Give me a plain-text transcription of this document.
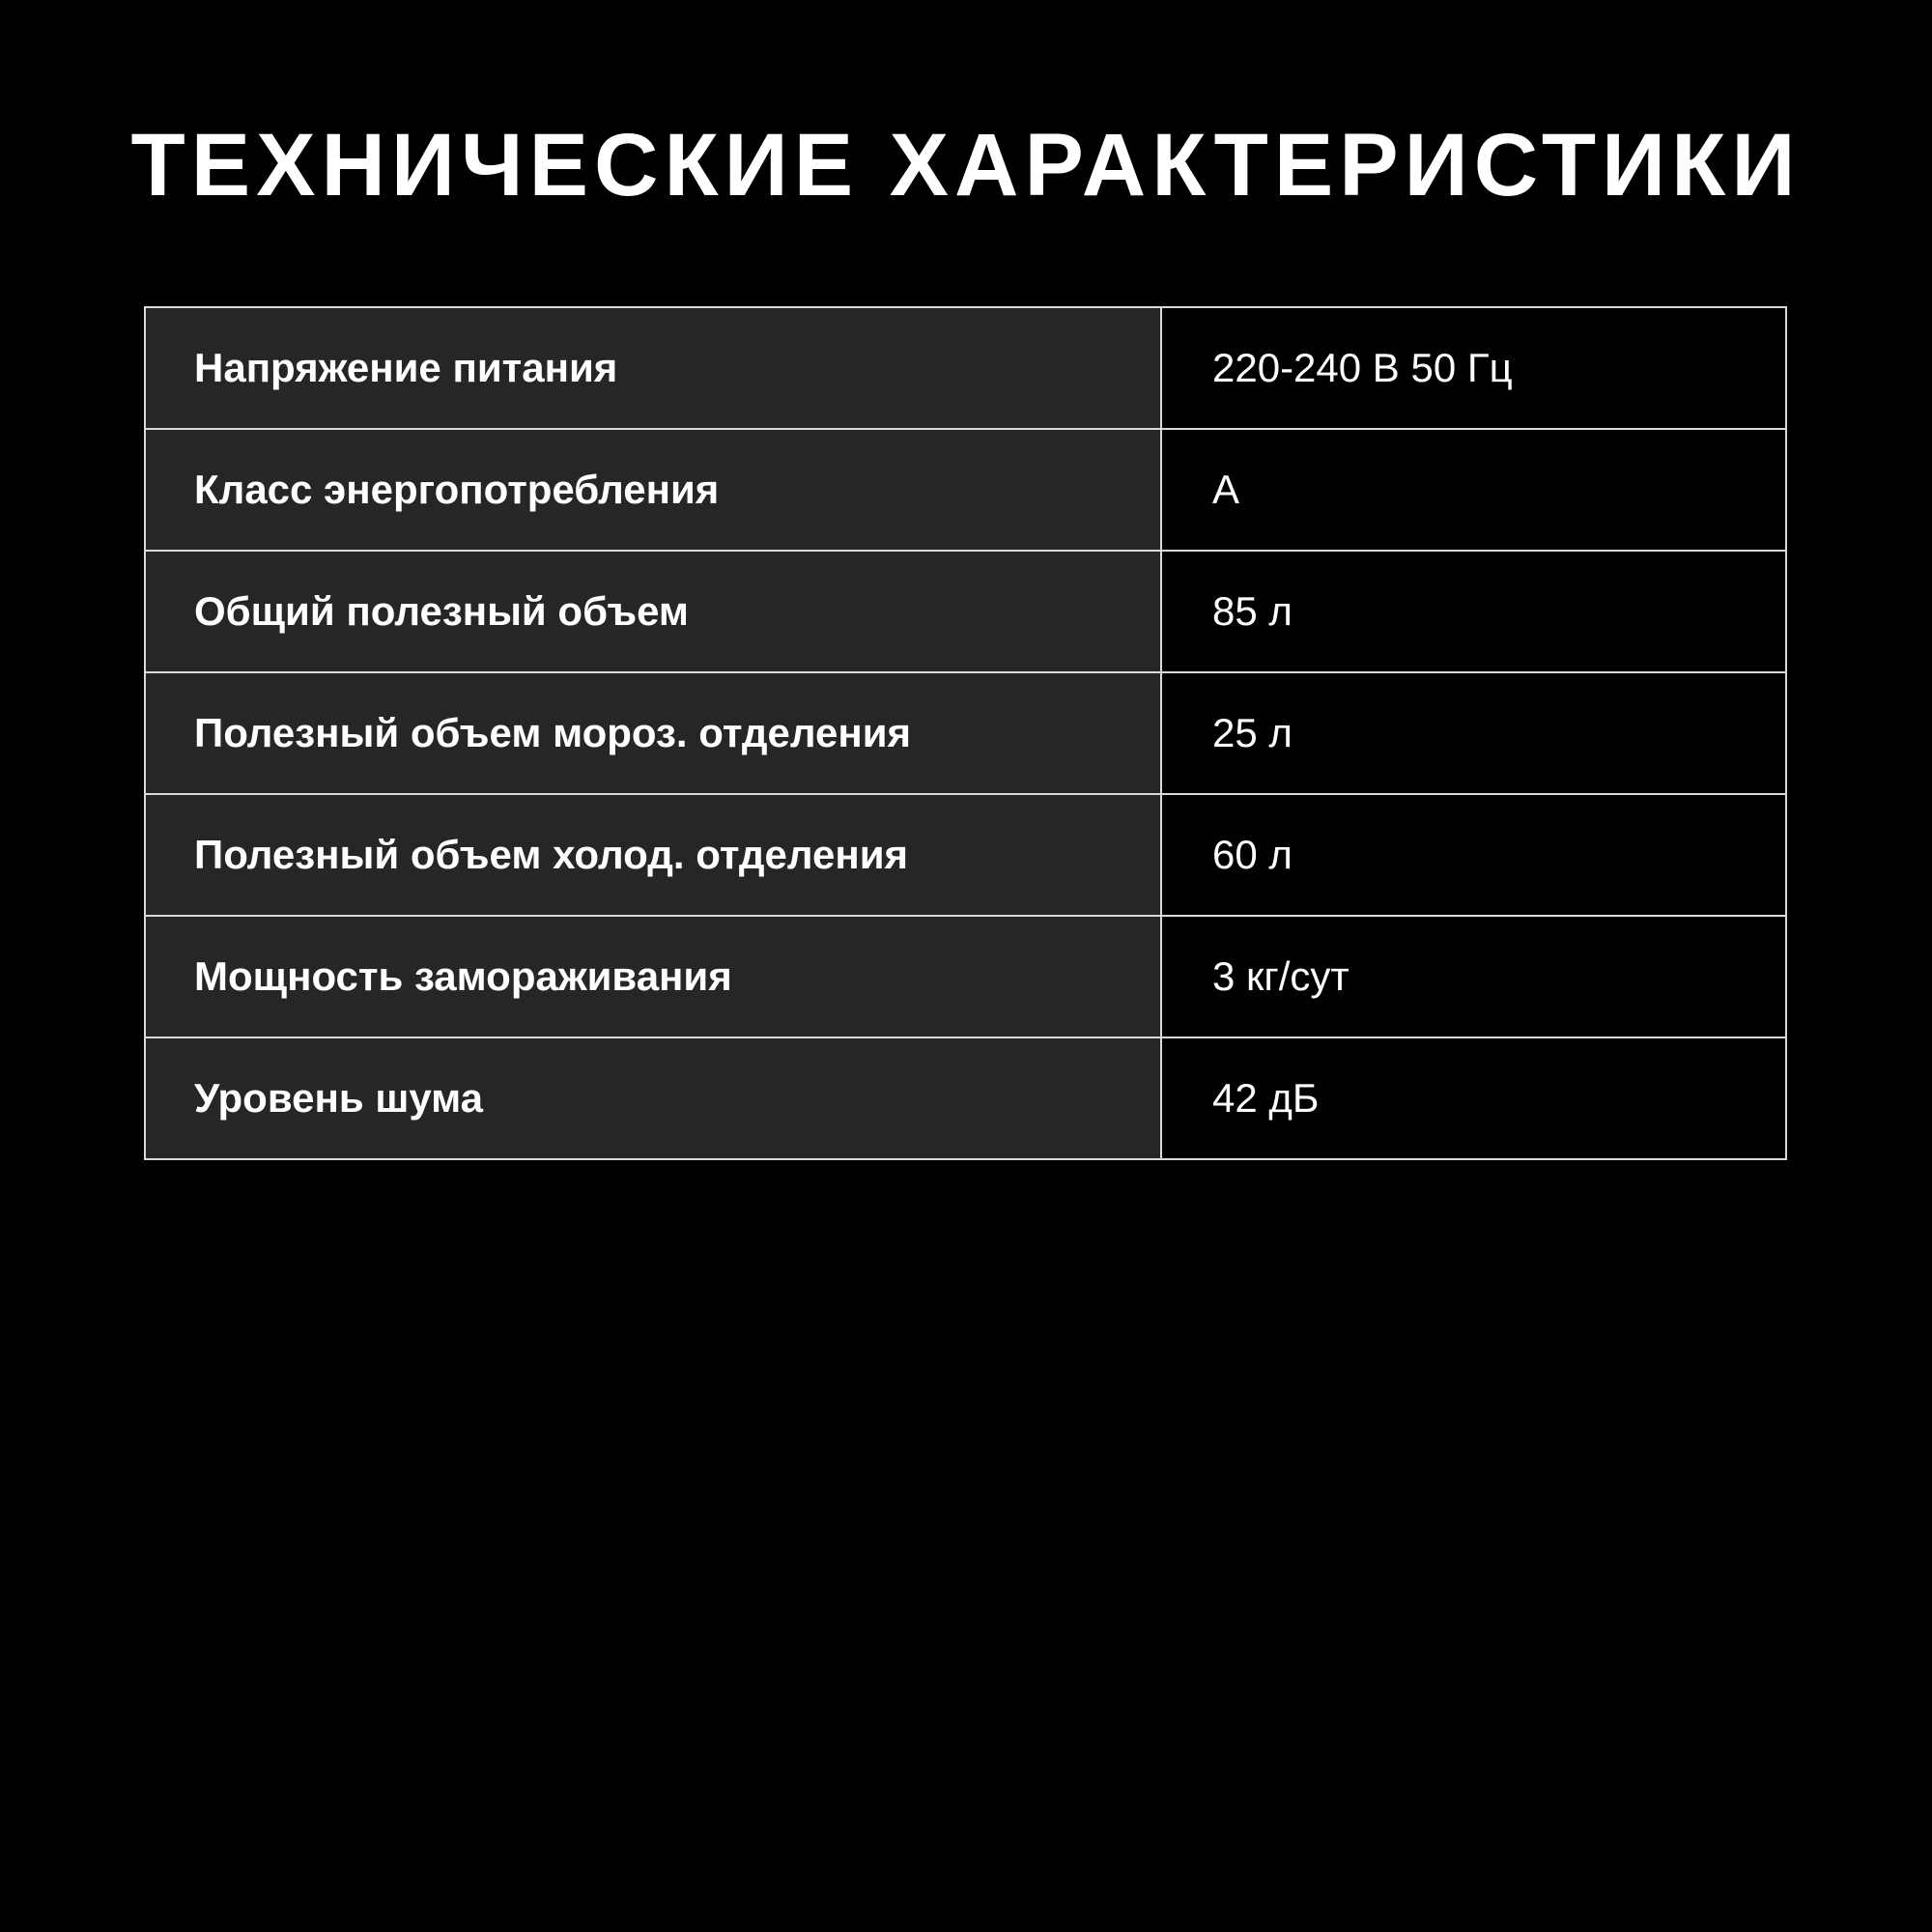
ТЕХНИЧЕСКИЕ ХАРАКТЕРИСТИКИ
Напряжение питания	220-240 В 50 Гц
Класс энергопотребления	А
Общий полезный объем	85 л
Полезный объем мороз. отделения	25 л
Полезный объем холод. отделения	60 л
Мощность замораживания	3 кг/сут
Уровень шума	42 дБ
